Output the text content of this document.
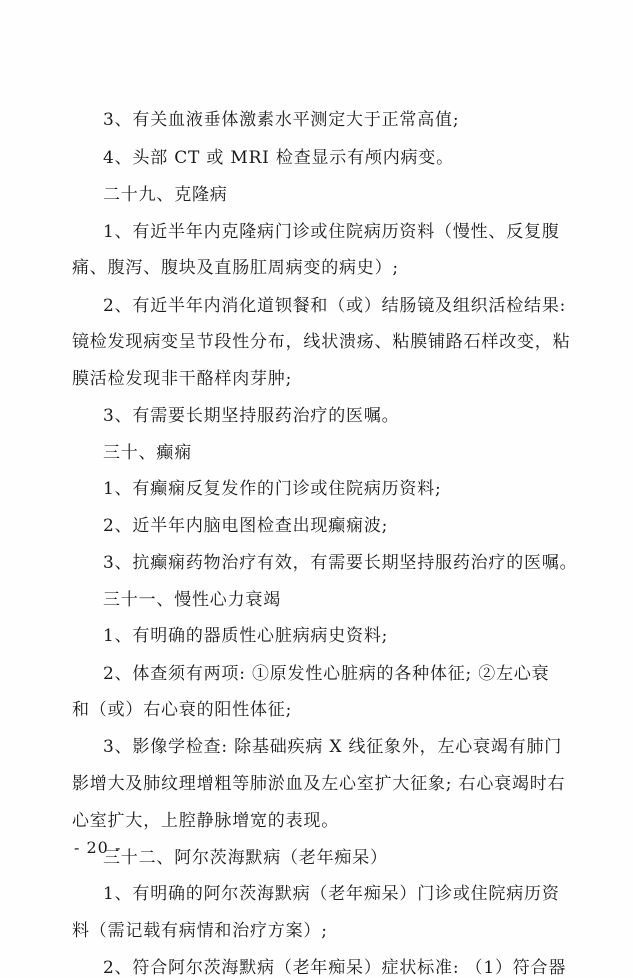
3、有关血液垂体激素水平测定大于正常高值;
4、头部 CT 或 MRI 检查显示有颅内病变。
二十九、克隆病
1、有近半年内克隆病门诊或住院病历资料（慢性、反复腹
痛、腹泻、腹块及直肠肛周病变的病史）;
2、有近半年内消化道钡餐和（或）结肠镜及组织活检结果:
镜检发现病变呈节段性分布，线状溃疡、粘膜铺路石样改变，粘
膜活检发现非干酪样肉芽肿;
3、有需要长期坚持服药治疗的医嘱。
三十、癫痫
1、有癫痫反复发作的门诊或住院病历资料;
2、近半年内脑电图检查出现癫痫波;
3、抗癫痫药物治疗有效，有需要长期坚持服药治疗的医嘱。
三十一、慢性心力衰竭
1、有明确的器质性心脏病病史资料;
2、体查须有两项: ①原发性心脏病的各种体征; ②左心衰
和（或）右心衰的阳性体征;
3、影像学检查: 除基础疾病 X 线征象外，左心衰竭有肺门
影增大及肺纹理增粗等肺淤血及左心室扩大征象; 右心衰竭时右
心室扩大，上腔静脉增宽的表现。
三十二、阿尔茨海默病（老年痴呆）
1、有明确的阿尔茨海默病（老年痴呆）门诊或住院病历资
料（需记载有病情和治疗方案）;
2、符合阿尔茨海默病（老年痴呆）症状标准: （1）符合器
- 20 -
